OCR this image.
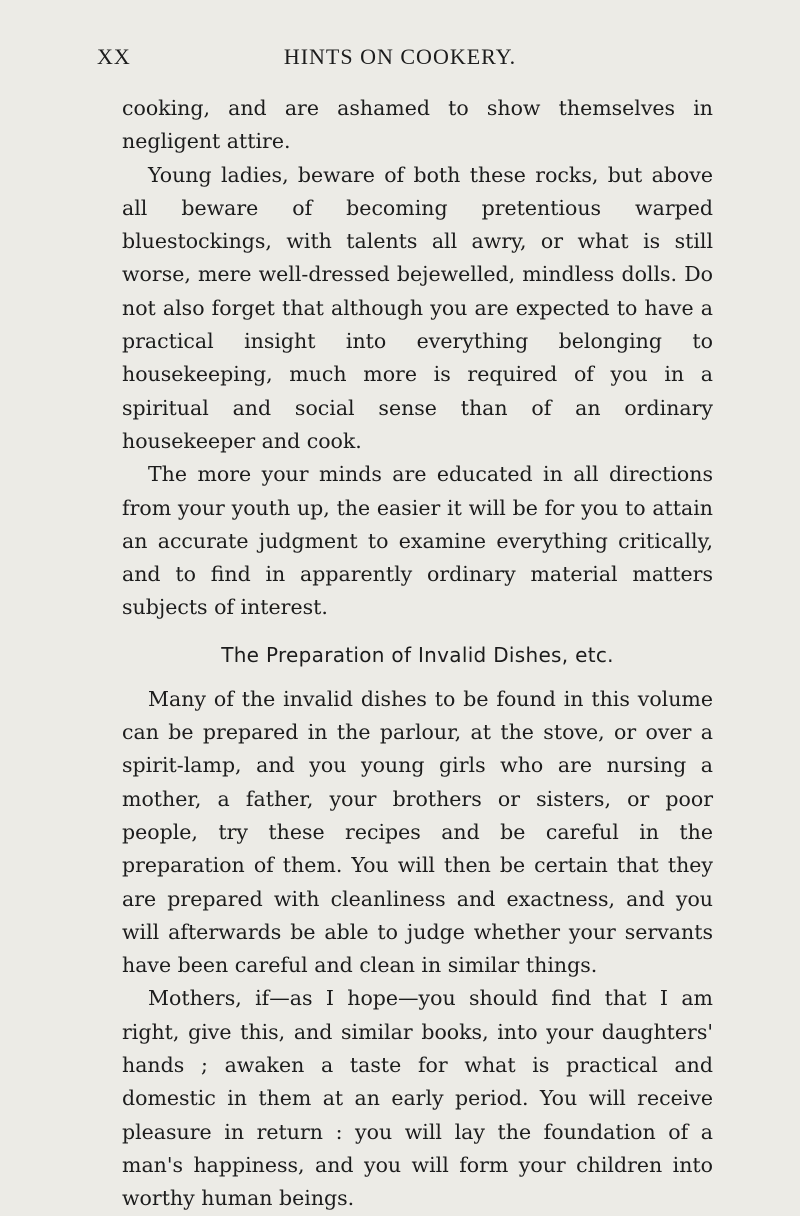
XX	HINTS ON COOKERY.

cooking, and are ashamed to show themselves in negligent attire.

Young ladies, beware of both these rocks, but above all beware of becoming pretentious warped bluestockings, with talents all awry, or what is still worse, mere well-dressed bejewelled, mindless dolls. Do not also forget that although you are expected to have a practical insight into everything belonging to housekeeping, much more is required of you in a spiritual and social sense than of an ordinary housekeeper and cook.

The more your minds are educated in all directions from your youth up, the easier it will be for you to attain an accurate judgment to examine everything critically, and to find in apparently ordinary material matters subjects of interest.

The Preparation of Invalid Dishes, etc.

Many of the invalid dishes to be found in this volume can be prepared in the parlour, at the stove, or over a spirit-lamp, and you young girls who are nursing a mother, a father, your brothers or sisters, or poor people, try these recipes and be careful in the preparation of them. You will then be certain that they are prepared with cleanliness and exactness, and you will afterwards be able to judge whether your servants have been careful and clean in similar things.

Mothers, if—as I hope—you should find that I am right, give this, and similar books, into your daughters' hands ; awaken a taste for what is practical and domestic in them at an early period. You will receive pleasure in return : you will lay the foundation of a man's happiness, and you will form your children into worthy human beings.
